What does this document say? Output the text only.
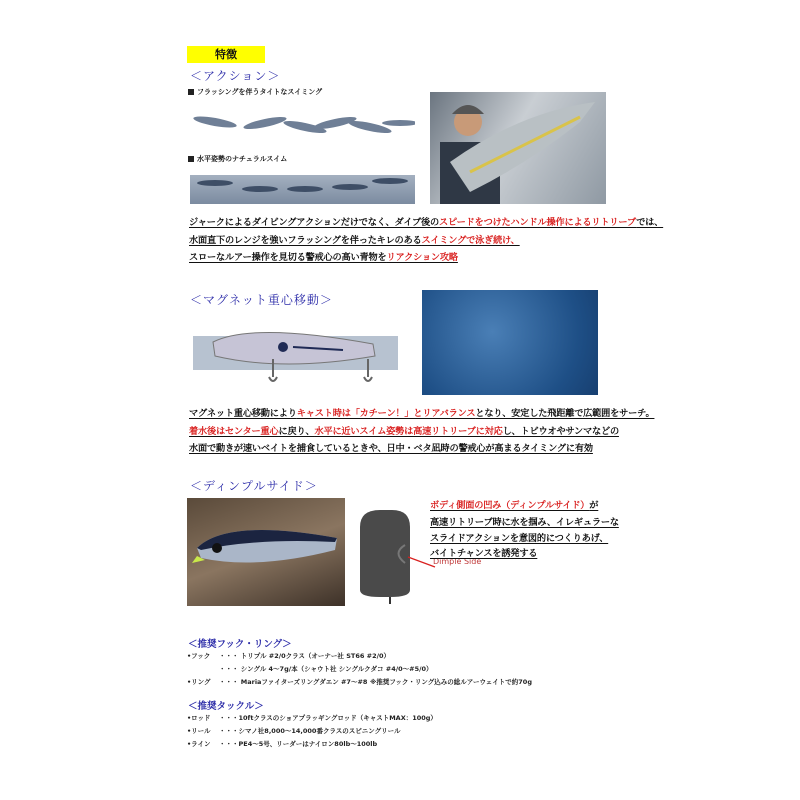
特徴
＜アクション＞
フラッシングを伴うタイトなスイミング
水平姿勢のナチュラルスイム
ジャークによるダイビングアクションだけでなく、ダイブ後のスピードをつけたハンドル操作によるリトリーブでは、
水面直下のレンジを強いフラッシングを伴ったキレのあるスイミングで泳ぎ続け、
スローなルアー操作を見切る警戒心の高い青物をリアクション攻略
＜マグネット重心移動＞
マグネット重心移動によりキャスト時は「カチーン！」とリアバランスとなり、安定した飛距離で広範囲をサーチ。
着水後はセンター重心に戻り、水平に近いスイム姿勢は高速リトリーブに対応し、トビウオやサンマなどの
水面で動きが速いベイトを捕食しているときや、日中・ベタ凪時の警戒心が高まるタイミングに有効
＜ディンプルサイド＞
Dimple Side
ボディ側面の凹み（ディンプルサイド）が
高速リトリーブ時に水を掴み、イレギュラーな
スライドアクションを意図的につくりあげ、
バイトチャンスを誘発する
＜推奨フック・リング＞
•フック ・・・ トリプル #2/0クラス（オーナー社 ST66 #2/0）
・・・ シングル 4～7g/本（シャウト社 シングルクダコ #4/0～#5/0）
•リング ・・・ Mariaファイターズリングダエン #7～#8 ※推奨フック・リング込みの総ルアーウェイトで約70g
＜推奨タックル＞
•ロッド ・・・10ftクラスのショアプラッギングロッド（キャストMAX：100g）
•リール ・・・シマノ社8,000～14,000番クラスのスピニングリール
•ライン ・・・PE4～5号、リーダーはナイロン80lb～100lb
